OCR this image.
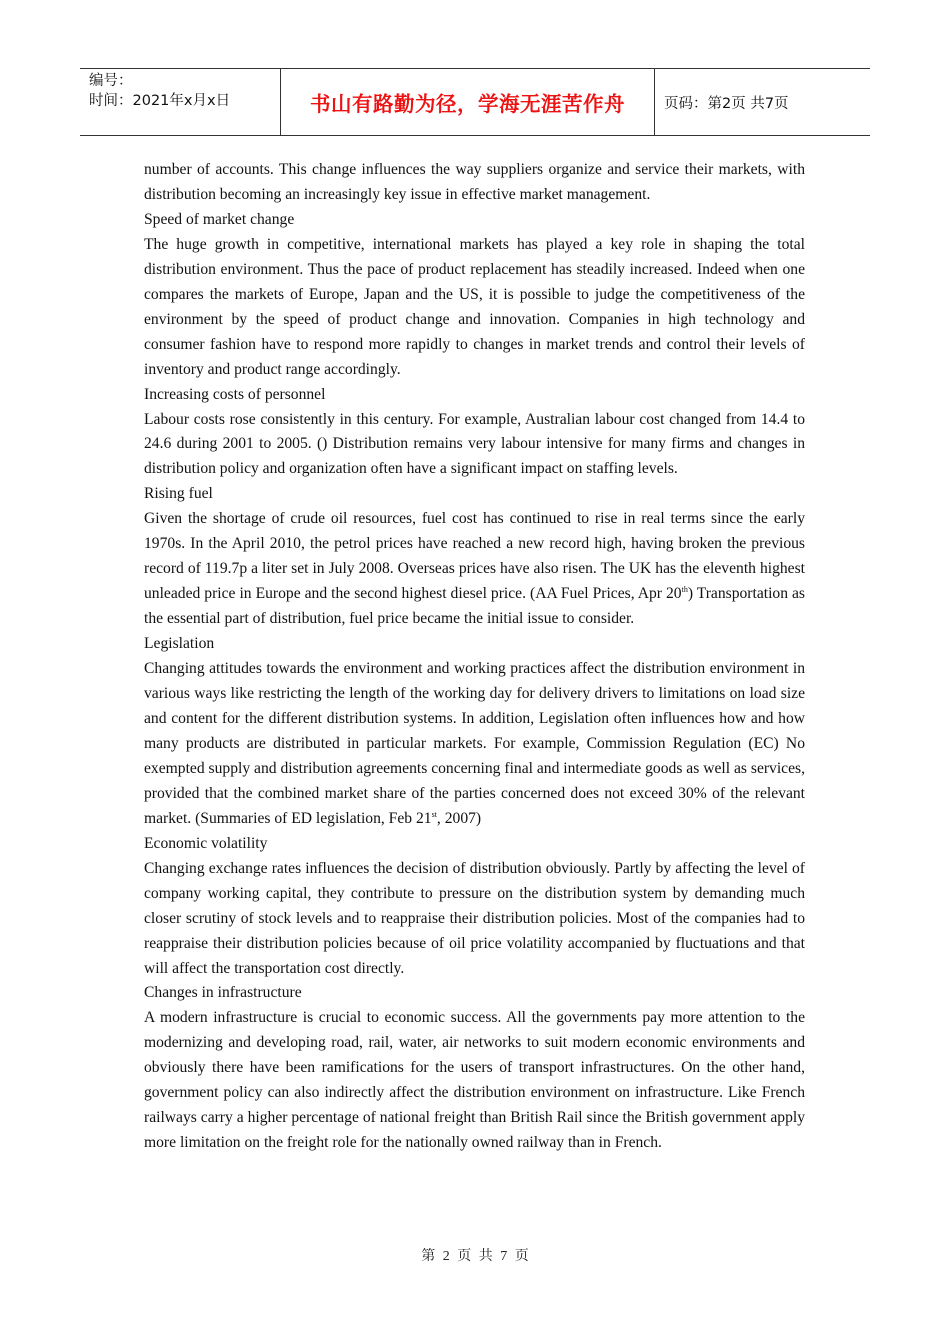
编号：
时间：2021年x月x日	书山有路勤为径，学海无涯苦作舟	页码：第2页 共7页

number of accounts. This change influences the way suppliers organize and service their markets, with distribution becoming an increasingly key issue in effective market management.

Speed of market change

The huge growth in competitive, international markets has played a key role in shaping the total distribution environment. Thus the pace of product replacement has steadily increased. Indeed when one compares the markets of Europe, Japan and the US, it is possible to judge the competitiveness of the environment by the speed of product change and innovation. Companies in high technology and consumer fashion have to respond more rapidly to changes in market trends and control their levels of inventory and product range accordingly.

Increasing costs of personnel

Labour costs rose consistently in this century. For example, Australian labour cost changed from 14.4 to 24.6 during 2001 to 2005. () Distribution remains very labour intensive for many firms and changes in distribution policy and organization often have a significant impact on staffing levels.

Rising fuel

Given the shortage of crude oil resources, fuel cost has continued to rise in real terms since the early 1970s. In the April 2010, the petrol prices have reached a new record high, having broken the previous record of 119.7p a liter set in July 2008. Overseas prices have also risen. The UK has the eleventh highest unleaded price in Europe and the second highest diesel price. (AA Fuel Prices, Apr 20th) Transportation as the essential part of distribution, fuel price became the initial issue to consider.

Legislation

Changing attitudes towards the environment and working practices affect the distribution environment in various ways like restricting the length of the working day for delivery drivers to limitations on load size and content for the different distribution systems. In addition, Legislation often influences how and how many products are distributed in particular markets. For example, Commission Regulation (EC) No exempted supply and distribution agreements concerning final and intermediate goods as well as services, provided that the combined market share of the parties concerned does not exceed 30% of the relevant market. (Summaries of ED legislation, Feb 21st, 2007)

Economic volatility

Changing exchange rates influences the decision of distribution obviously. Partly by affecting the level of company working capital, they contribute to pressure on the distribution system by demanding much closer scrutiny of stock levels and to reappraise their distribution policies. Most of the companies had to reappraise their distribution policies because of oil price volatility accompanied by fluctuations and that will affect the transportation cost directly.

Changes in infrastructure

A modern infrastructure is crucial to economic success. All the governments pay more attention to the modernizing and developing road, rail, water, air networks to suit modern economic environments and obviously there have been ramifications for the users of transport infrastructures. On the other hand, government policy can also indirectly affect the distribution environment on infrastructure. Like French railways carry a higher percentage of national freight than British Rail since the British government apply more limitation on the freight role for the nationally owned railway than in French.

第 2 页 共 7 页
